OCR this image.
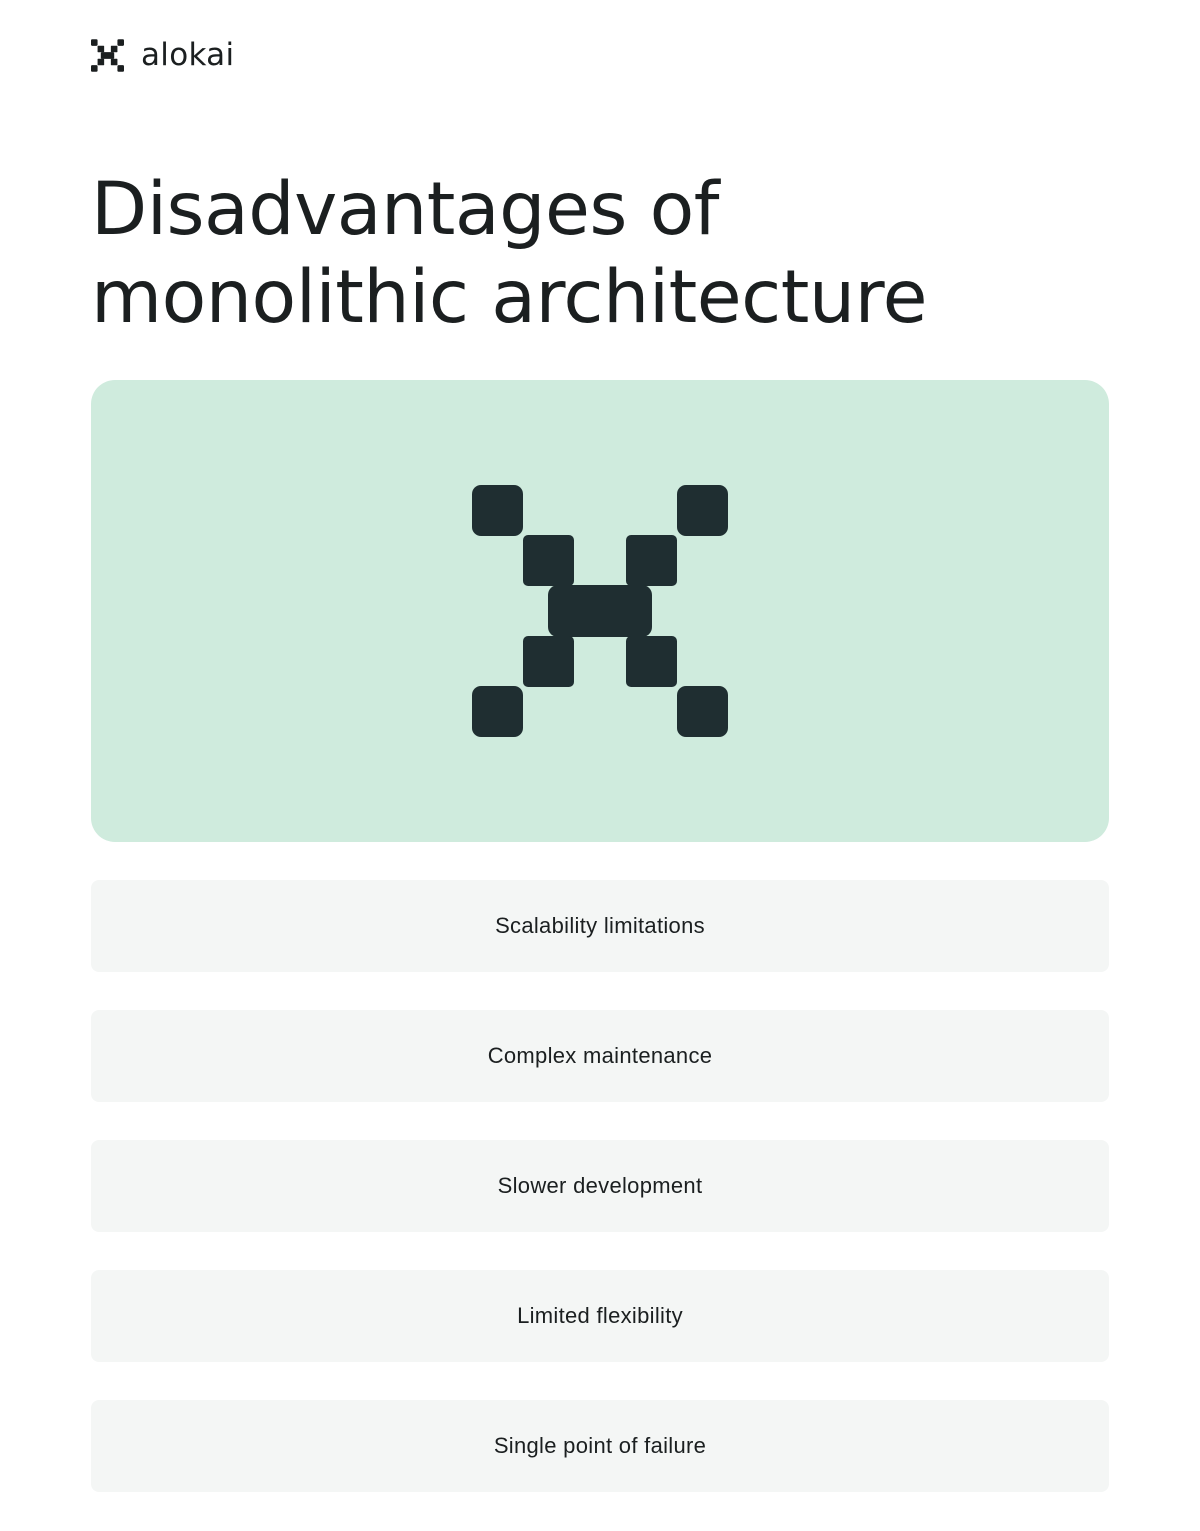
alokai
Disadvantages of monolithic architecture
Scalability limitations
Complex maintenance
Slower development
Limited flexibility
Single point of failure
